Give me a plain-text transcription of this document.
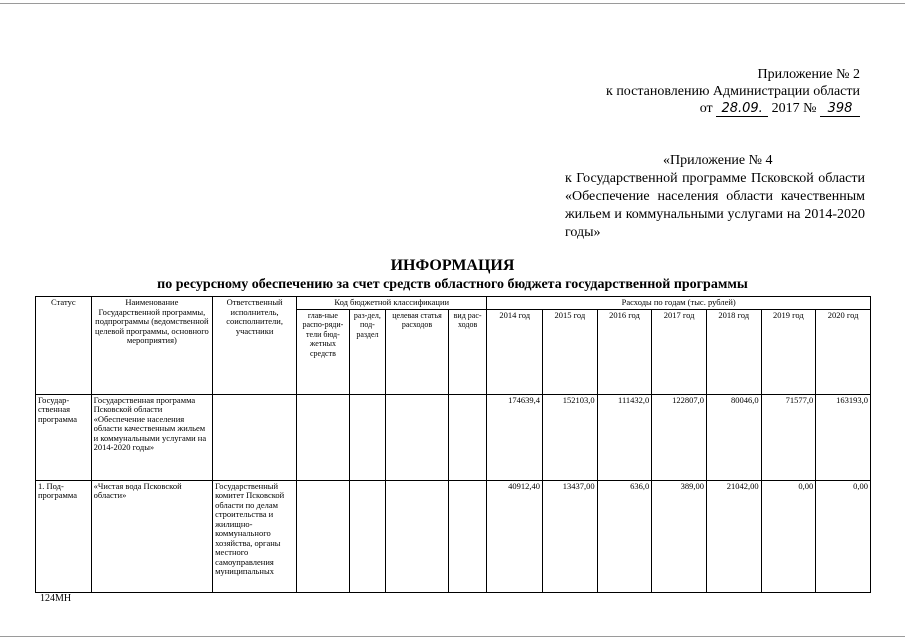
Приложение № 2
к постановлению Администрации области
от 28.09. 2017 № 398
«Приложение № 4
к Государственной программе Псковской области «Обеспечение населения области качественным жильем и коммунальными услугами на 2014-2020 годы»
ИНФОРМАЦИЯ
по ресурсному обеспечению за счет средств областного бюджета государственной программы
Статус	Наименование Государственной программы, подпрограммы (ведомственной целевой программы, основного мероприятия)	Ответственный исполнитель, соисполнители, участники	Код бюджетной классификации				Расходы по годам (тыс. рублей)						
			глав-ные распо-ряди-тели бюд-жетных средств	раз-дел, под-раздел	целевая статья расходов	вид рас-ходов	2014 год	2015 год	2016 год	2017 год	2018 год	2019 год	2020 год
Государ-ственная программа	Государственная программа Псковской области «Обеспечение населения области качественным жильем и коммунальными услугами на 2014-2020 годы»						174639,4	152103,0	111432,0	122807,0	80046,0	71577,0	163193,0
1. Под-программа	«Чистая вода Псковской области»	Государственный комитет Псковской области по делам строительства и жилищно-коммунального хозяйства, органы местного самоуправления муниципальных					40912,40	13437,00	636,0	389,00	21042,00	0,00	0,00
124МН
